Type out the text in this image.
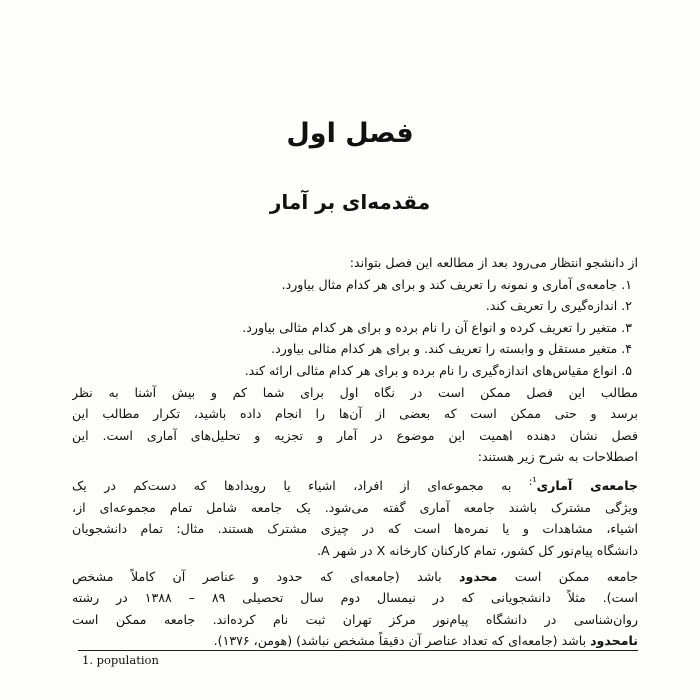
فصل اول
مقدمه‌ای بر آمار
از دانشجو انتظار می‌رود بعد از مطالعه این فصل بتواند:
۱. جامعه‌ی آماری و نمونه را تعریف کند و برای هر کدام مثال بیاورد.
۲. اندازه‌گیری را تعریف کند.
۳. متغیر را تعریف کرده و انواع آن را نام برده و برای هر کدام مثالی بیاورد.
۴. متغیر مستقل و وابسته را تعریف کند. و برای هر کدام مثالی بیاورد.
۵. انواع مقیاس‌های اندازه‌گیری را نام برده و برای هر کدام مثالی ارائه کند.
مطالب این فصل ممکن است در نگاه اول برای شما کم و بیش آشنا به نظر
برسد و حتی ممکن است که بعضی از آن‌ها را انجام داده باشید، تکرار مطالب این
فصل نشان دهنده اهمیت این موضوع در آمار و تجزیه و تحلیل‌های آماری است. این
اصطلاحات به شرح زیر هستند:
جامعه‌ی آماری$^{^1:}$ به مجموعه‌ای از افراد، اشیاء یا رویدادها که دست‌کم در یک
ویژگی مشترک باشند جامعه آماری گفته می‌شود. یک جامعه شامل تمام مجموعه‌ای از،
اشیاء، مشاهدات و یا نمره‌ها است که در چیزی مشترک هستند. مثال: تمام دانشجویان
دانشگاه پیام‌نور کل کشور، تمام کارکنان کارخانه X در شهر A.
جامعه ممکن است محدود باشد (جامعه‌ای که حدود و عناصر آن کاملاً مشخص
است). مثلاً دانشجویانی که در نیمسال دوم سال تحصیلی ۸۹ – ۱۳۸۸ در رشته
روان‌شناسی در دانشگاه پیام‌نور مرکز تهران ثبت نام کرده‌اند. جامعه ممکن است
نامحدود باشد (جامعه‌ای که تعداد عناصر آن دقیقاً مشخص نباشد) (هومن، ۱۳۷۶).
1. population
